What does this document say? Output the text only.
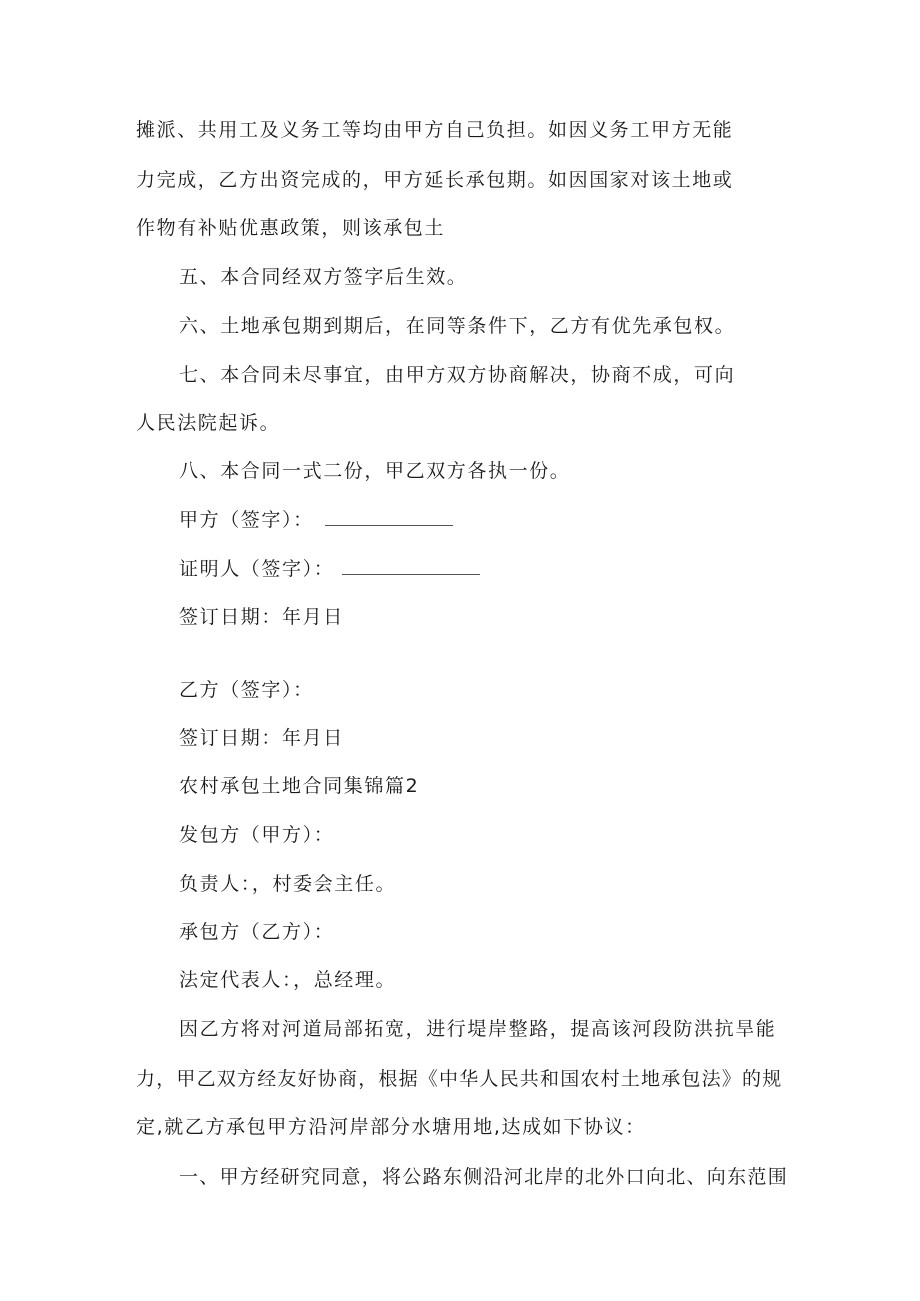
摊派、共用工及义务工等均由甲方自己负担。如因义务工甲方无能
力完成，乙方出资完成的，甲方延长承包期。如因国家对该土地或
作物有补贴优惠政策，则该承包土
五、本合同经双方签字后生效。
六、土地承包期到期后，在同等条件下，乙方有优先承包权。
七、本合同未尽事宜，由甲方双方协商解决，协商不成，可向
人民法院起诉。
八、本合同一式二份，甲乙双方各执一份。
甲方（签字）：
证明人（签字）：
签订日期：年月日
乙方（签字）：
签订日期：年月日
农村承包土地合同集锦篇2
发包方（甲方）：
负责人：，村委会主任。
承包方（乙方）：
法定代表人：，总经理。
因乙方将对河道局部拓宽，进行堤岸整路，提高该河段防洪抗旱能
力，甲乙双方经友好协商，根据《中华人民共和国农村土地承包法》的规
定,就乙方承包甲方沿河岸部分水塘用地,达成如下协议：
一、甲方经研究同意，将公路东侧沿河北岸的北外口向北、向东范围
